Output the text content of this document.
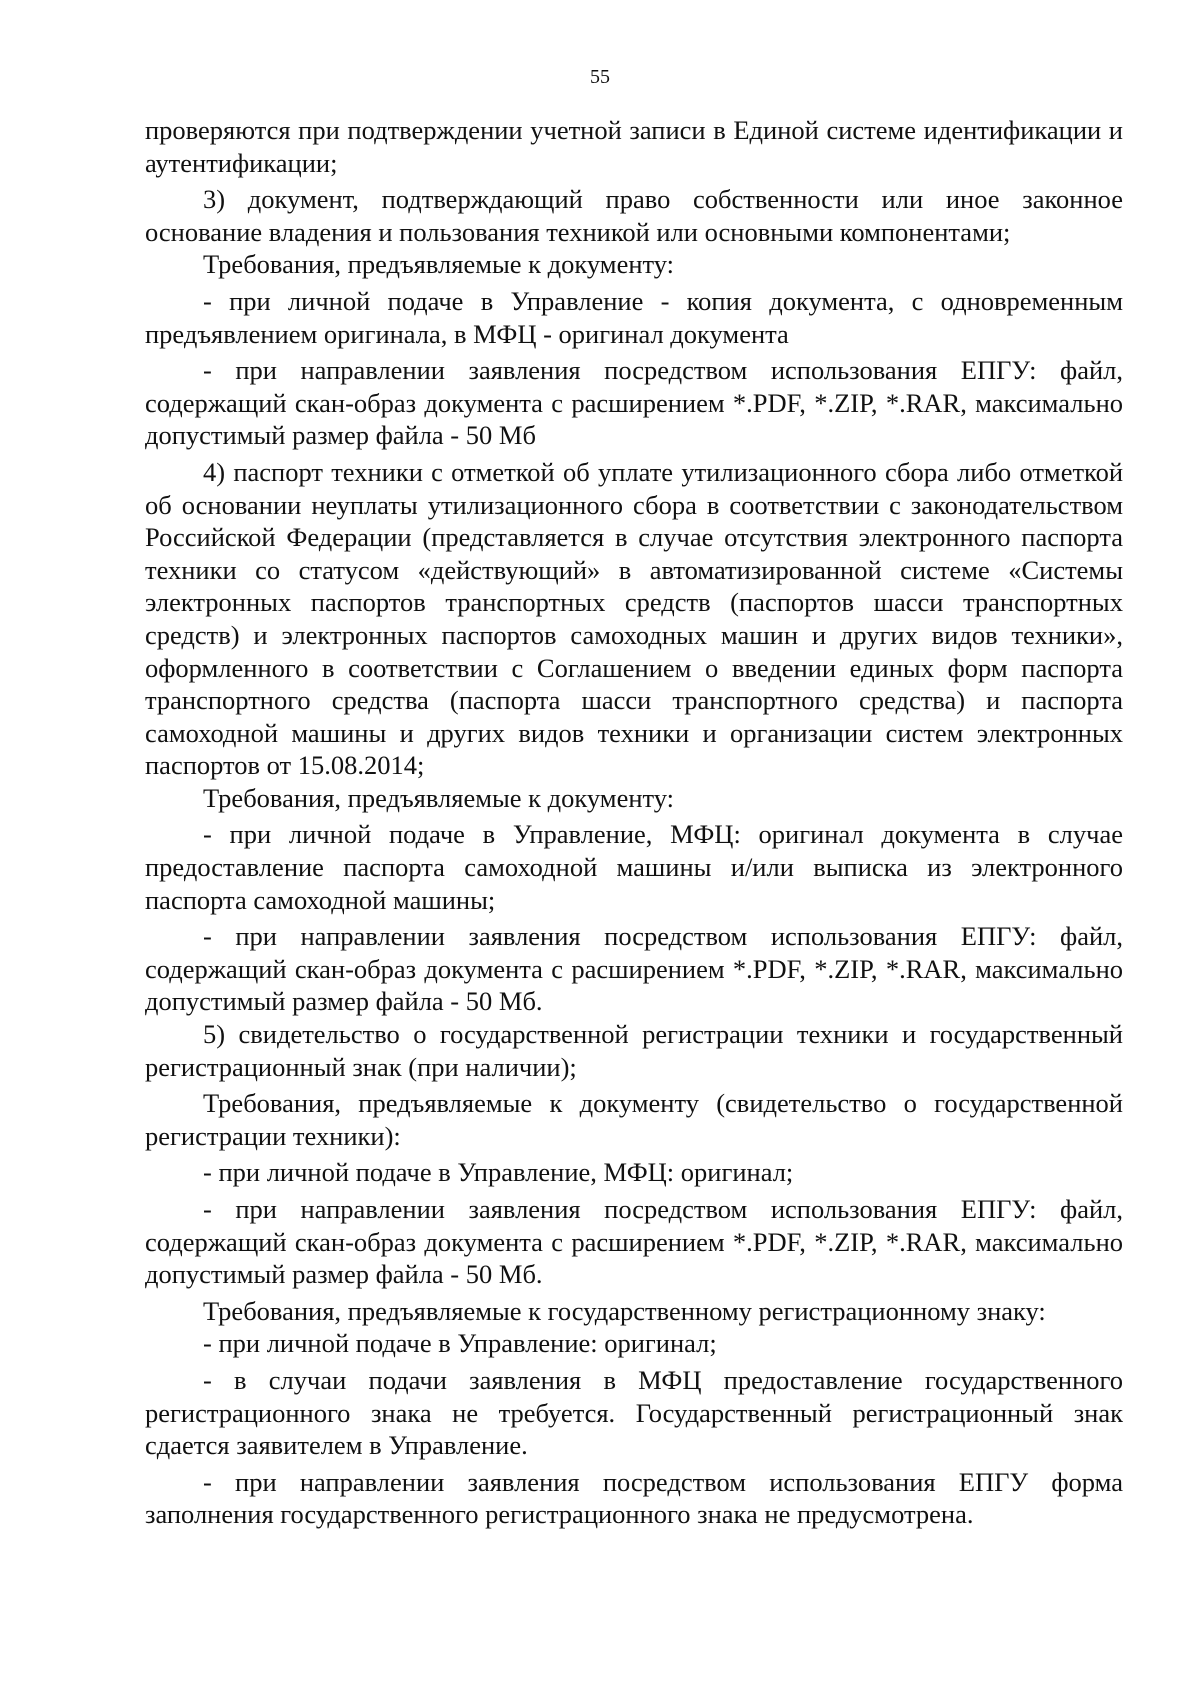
55

проверяются при подтверждении учетной записи в Единой системе идентификации и аутентификации;

3) документ, подтверждающий право собственности или иное законное основание владения и пользования техникой или основными компонентами;

Требования, предъявляемые к документу:

- при личной подаче в Управление - копия документа, с одновременным предъявлением оригинала, в МФЦ - оригинал документа

- при направлении заявления посредством использования ЕПГУ: файл, содержащий скан-образ документа с расширением *.PDF, *.ZIP, *.RAR, максимально допустимый размер файла - 50 Мб

4) паспорт техники с отметкой об уплате утилизационного сбора либо отметкой об основании неуплаты утилизационного сбора в соответствии с законодательством Российской Федерации (представляется в случае отсутствия электронного паспорта техники со статусом «действующий» в автоматизированной системе «Системы электронных паспортов транспортных средств (паспортов шасси транспортных средств) и электронных паспортов самоходных машин и других видов техники», оформленного в соответствии с Соглашением о введении единых форм паспорта транспортного средства (паспорта шасси транспортного средства) и паспорта самоходной машины и других видов техники и организации систем электронных паспортов от 15.08.2014;

Требования, предъявляемые к документу:

- при личной подаче в Управление, МФЦ: оригинал документа в случае предоставление паспорта самоходной машины и/или выписка из электронного паспорта самоходной машины;

- при направлении заявления посредством использования ЕПГУ: файл, содержащий скан-образ документа с расширением *.PDF, *.ZIP, *.RAR, максимально допустимый размер файла - 50 Мб.

5) свидетельство о государственной регистрации техники и государственный регистрационный знак (при наличии);

Требования, предъявляемые к документу (свидетельство о государственной регистрации техники):

- при личной подаче в Управление, МФЦ: оригинал;

- при направлении заявления посредством использования ЕПГУ: файл, содержащий скан-образ документа с расширением *.PDF, *.ZIP, *.RAR, максимально допустимый размер файла - 50 Мб.

Требования, предъявляемые к государственному регистрационному знаку:

- при личной подаче в Управление: оригинал;

- в случаи подачи заявления в МФЦ предоставление государственного регистрационного знака не требуется. Государственный регистрационный знак сдается заявителем в Управление.

- при направлении заявления посредством использования ЕПГУ форма заполнения государственного регистрационного знака не предусмотрена.
